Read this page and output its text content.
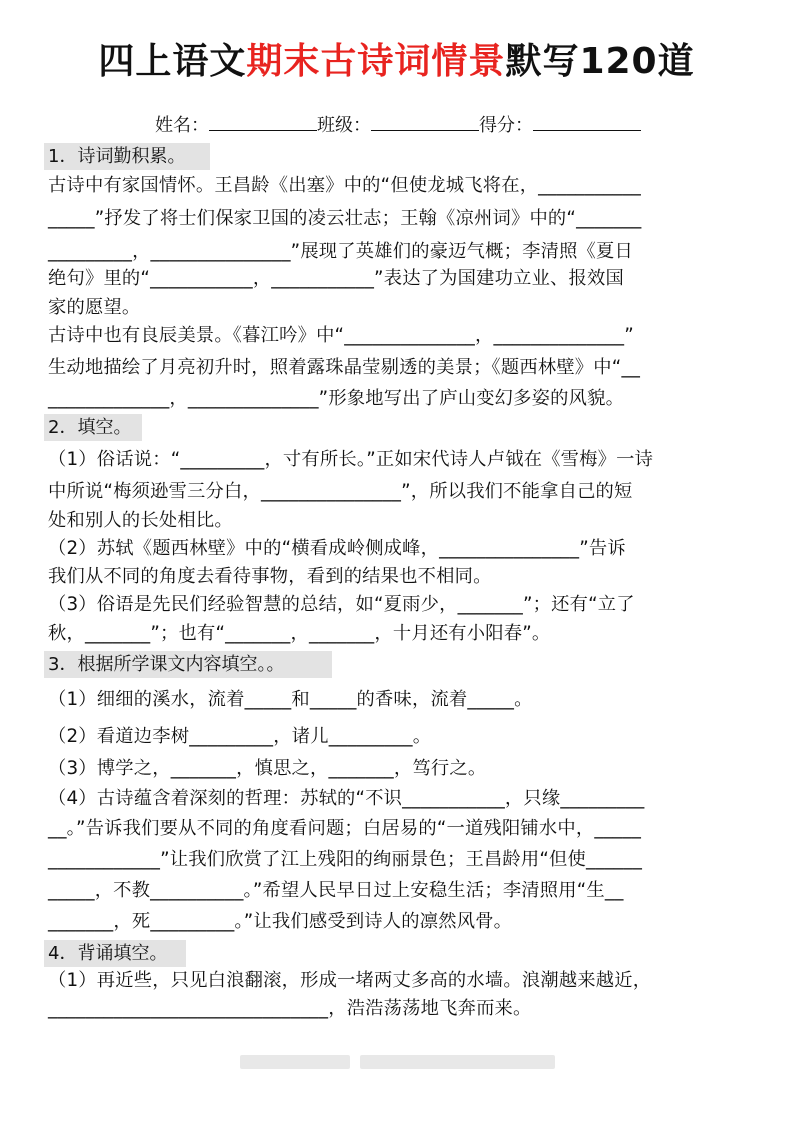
四上语文期末古诗词情景默写120道
姓名：	班级：	得分：
1．诗词勤积累。
古诗中有家国情怀。王昌龄《出塞》中的“但使龙城飞将在，___________
_____”抒发了将士们保家卫国的凌云壮志；王翰《凉州词》中的“_______
_________，_______________”展现了英雄们的豪迈气概；李清照《夏日
绝句》里的“___________，___________”表达了为国建功立业、报效国
家的愿望。
古诗中也有良辰美景。《暮江吟》中“______________，______________”
生动地描绘了月亮初升时，照着露珠晶莹剔透的美景；《题西林壁》中“__
_____________，______________”形象地写出了庐山变幻多姿的风貌。
2．填空。
（1）俗话说：“_________，寸有所长。”正如宋代诗人卢钺在《雪梅》一诗
中所说“梅须逊雪三分白，_______________”，所以我们不能拿自己的短
处和别人的长处相比。
（2）苏轼《题西林壁》中的“横看成岭侧成峰，_______________”告诉
我们从不同的角度去看待事物，看到的结果也不相同。
（3）俗语是先民们经验智慧的总结，如“夏雨少，_______”；还有“立了
秋，_______”；也有“_______，_______，十月还有小阳春”。
3．根据所学课文内容填空。。
（1）细细的溪水，流着_____和_____的香味，流着_____。
（2）看道边李树_________，诸儿_________。
（3）博学之，_______，慎思之，_______，笃行之。
（4）古诗蕴含着深刻的哲理：苏轼的“不识___________，只缘_________
__。”告诉我们要从不同的角度看问题；白居易的“一道残阳铺水中，_____
____________”让我们欣赏了江上残阳的绚丽景色；王昌龄用“但使______
_____，不教__________。”希望人民早日过上安稳生活；李清照用“生__
_______，死_________。”让我们感受到诗人的凛然风骨。
4．背诵填空。
（1）再近些，只见白浪翻滚，形成一堵两丈多高的水墙。浪潮越来越近，
______________________________，浩浩荡荡地飞奔而来。
